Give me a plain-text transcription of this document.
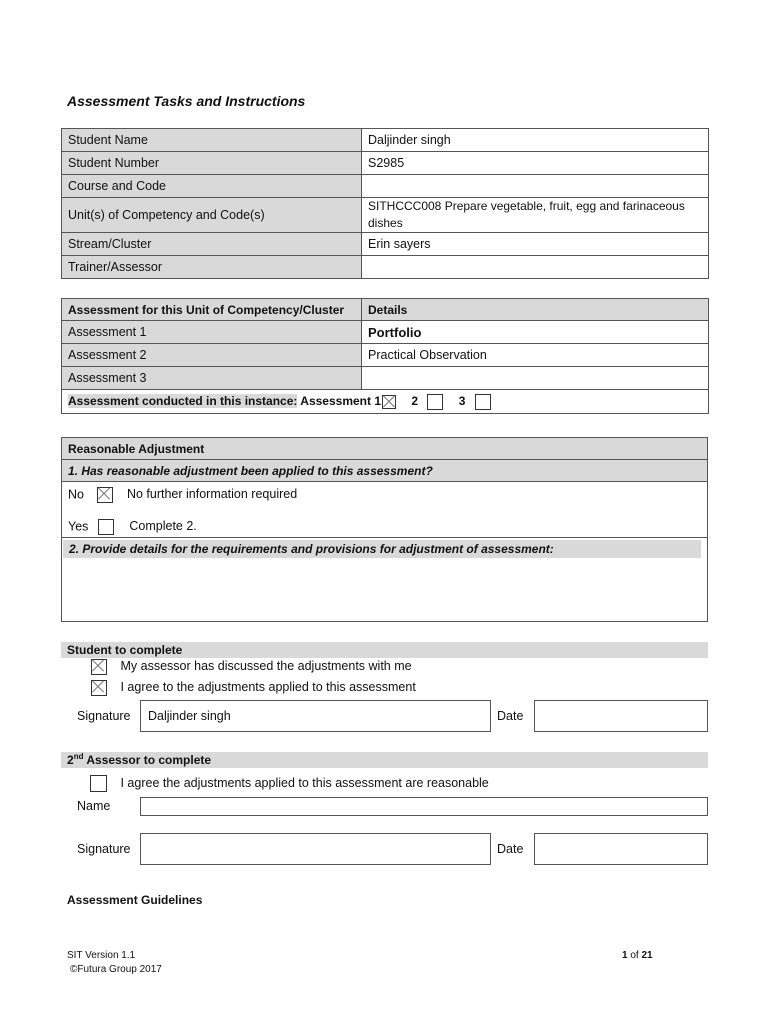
Assessment Tasks and Instructions
Student Name	Daljinder singh
Student Number	S2985
Course and Code	
Unit(s) of Competency and Code(s)	SITHCCC008 Prepare vegetable, fruit, egg and farinaceous dishes
Stream/Cluster	Erin sayers
Trainer/Assessor	
Assessment for this Unit of Competency/Cluster	Details
Assessment 1	Portfolio
Assessment 2	Practical Observation
Assessment 3	
Assessment conducted in this instance: Assessment 1 2 3	
Reasonable Adjustment
1. Has reasonable adjustment been applied to this assessment?
No	No further information required
Yes	Complete 2.
2. Provide details for the requirements and provisions for adjustment of assessment:
Student to complete
My assessor has discussed the adjustments with me
I agree to the adjustments applied to this assessment
Signature	Daljinder singh	Date
2nd Assessor to complete
I agree the adjustments applied to this assessment are reasonable
Name
Signature	Date
Assessment Guidelines
SIT Version 1.1
©Futura Group 2017
1 of 21
